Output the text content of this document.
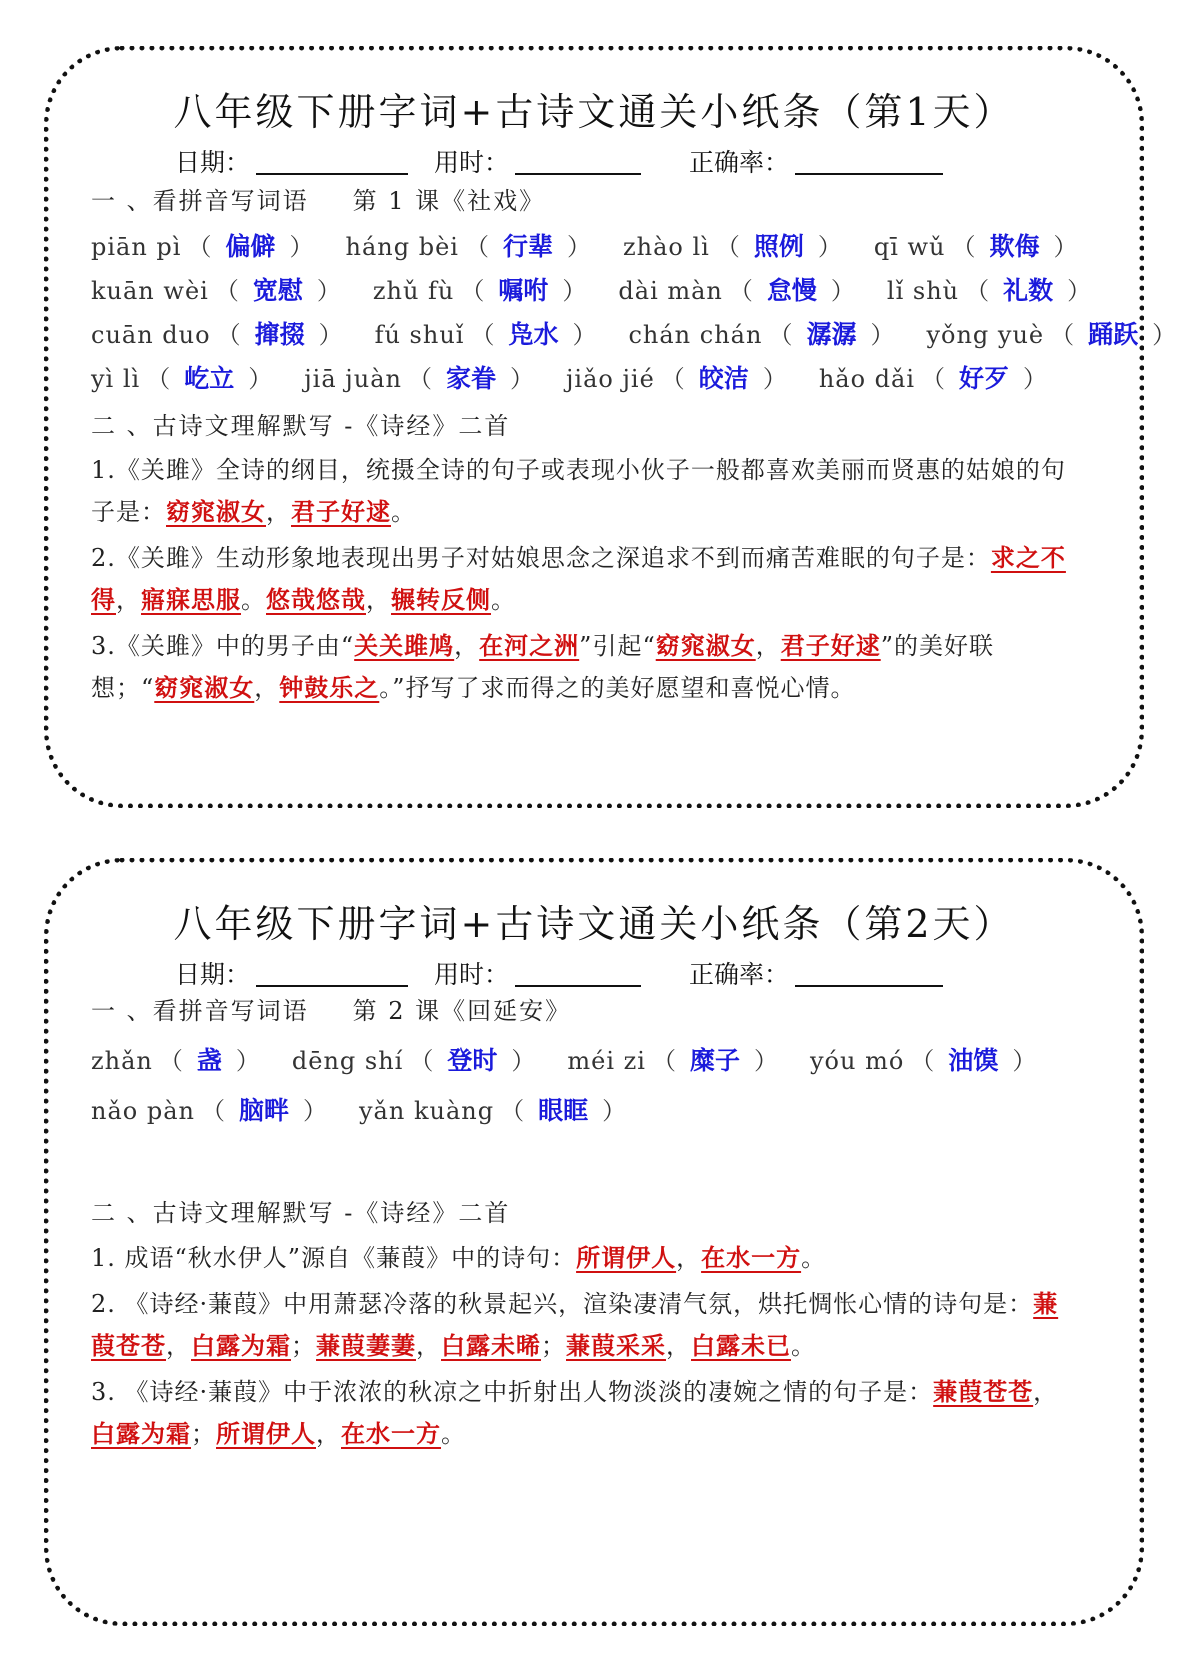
八年级下册字词+古诗文通关小纸条（第1天）
日期：	用时：	正确率：
一 、看拼音写词语 第 1 课《社戏》
piān pì （ 偏僻 ） háng bèi （ 行辈 ） zhào lì （ 照例 ） qī wǔ （ 欺侮 ）
kuān wèi （ 宽慰 ） zhǔ fù （ 嘱咐 ） dài màn （ 怠慢 ） lǐ shù （ 礼数 ）
cuān duo （ 撺掇 ） fú shuǐ （ 凫水 ） chán chán （ 潺潺 ） yǒng yuè （ 踊跃 ）
yì lì （ 屹立 ） jiā juàn （ 家眷 ） jiǎo jié （ 皎洁 ） hǎo dǎi （ 好歹 ）
二 、古诗文理解默写 -《诗经》二首
1.《关雎》全诗的纲目，统摄全诗的句子或表现小伙子一般都喜欢美丽而贤惠的姑娘的句子是：窈窕淑女，君子好逑。
2.《关雎》生动形象地表现出男子对姑娘思念之深追求不到而痛苦难眠的句子是：求之不得，寤寐思服。悠哉悠哉，辗转反侧。
3.《关雎》中的男子由“关关雎鸠，在河之洲”引起“窈窕淑女，君子好逑”的美好联想；“窈窕淑女，钟鼓乐之。”抒写了求而得之的美好愿望和喜悦心情。
八年级下册字词+古诗文通关小纸条（第2天）
日期：	用时：	正确率：
一 、看拼音写词语 第 2 课《回延安》
zhǎn （ 盏 ） dēng shí （ 登时 ） méi zi （ 糜子 ） yóu mó （ 油馍 ）
nǎo pàn （ 脑畔 ） yǎn kuàng （ 眼眶 ）
二 、古诗文理解默写 -《诗经》二首
1. 成语“秋水伊人”源自《蒹葭》中的诗句：所谓伊人，在水一方。
2. 《诗经·蒹葭》中用萧瑟冷落的秋景起兴，渲染凄清气氛，烘托惆怅心情的诗句是：蒹葭苍苍，白露为霜；蒹葭萋萋，白露未晞；蒹葭采采，白露未已。
3. 《诗经·蒹葭》中于浓浓的秋凉之中折射出人物淡淡的凄婉之情的句子是：蒹葭苍苍，白露为霜；所谓伊人，在水一方。
